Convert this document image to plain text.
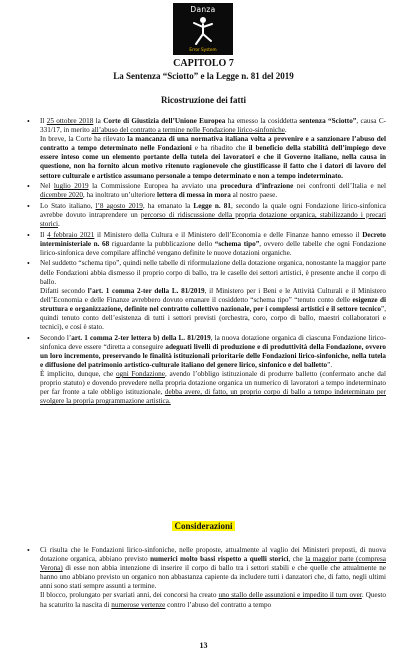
Danza
Error System
CAPITOLO 7
La Sentenza “Sciotto” e la Legge n. 81 del 2019
Ricostruzione dei fatti
• Il 25 ottobre 2018 la Corte di Giustizia dell’Unione Europea ha emesso la cosiddetta sentenza “Sciotto”, causa C-331/17, in merito all’abuso del contratto a termine nelle Fondazione lirico-sinfoniche.

In breve, la Corte ha rilevato la mancanza di una normativa italiana volta a prevenire e a sanzionare l’abuso del contratto a tempo determinato nelle Fondazioni e ha ribadito che il beneficio della stabilità dell’impiego deve essere inteso come un elemento portante della tutela dei lavoratori e che il Governo italiano, nella causa in questione, non ha fornito alcun motivo ritenuto ragionevole che giustificasse il fatto che i datori di lavoro del settore culturale e artistico assumano personale a tempo determinato e non a tempo indeterminato.

• Nel luglio 2019 la Commissione Europea ha avviato una procedura d’infrazione nei confronti dell’Italia e nel dicembre 2020, ha inoltrato un’ulteriore lettera di messa in mora al nostro paese.

• Lo Stato italiano, l’8 agosto 2019, ha emanato la Legge n. 81, secondo la quale ogni Fondazione lirico-sinfonica avrebbe dovuto intraprendere un percorso di ridiscussione della propria dotazione organica, stabilizzando i precari storici.

• Il 4 febbraio 2021 il Ministero della Cultura e il Ministero dell’Economia e delle Finanze hanno emesso il Decreto interministeriale n. 68 riguardante la pubblicazione dello “schema tipo”, ovvero delle tabelle che ogni Fondazione lirico-sinfonica deve compilare affinché vengano definite le nuove dotazioni organiche.

• Nel suddetto “schema tipo”, quindi nelle tabelle di riformulazione della dotazione organica, nonostante la maggior parte delle Fondazioni abbia dismesso il proprio corpo di ballo, tra le caselle dei settori artistici, è presente anche il corpo di ballo.

Difatti secondo l’art. 1 comma 2-ter della L. 81/2019, il Ministero per i Beni e le Attività Culturali e il Ministero dell’Economia e delle Finanze avrebbero dovuto emanare il cosiddetto “schema tipo” “tenuto conto delle esigenze di struttura e organizzazione, definite nel contratto collettivo nazionale, per i complessi artistici e il settore tecnico”, quindi tenuto conto dell’esistenza di tutti i settori previsti (orchestra, coro, corpo di ballo, maestri collaboratori e tecnici), e così è stato.

• Secondo l’art. 1 comma 2-ter lettera b) della L. 81/2019, la nuova dotazione organica di ciascuna Fondazione lirico-sinfonica deve essere “diretta a conseguire adeguati livelli di produzione e di produttività della Fondazione, ovvero un loro incremento, preservando le finalità istituzionali prioritarie delle Fondazioni lirico-sinfoniche, nella tutela e diffusione del patrimonio artistico-culturale italiano del genere lirico, sinfonico e del balletto”.

È implicito, dunque, che ogni Fondazione, avendo l’obbligo istituzionale di produrre balletto (confermato anche dal proprio statuto) e dovendo prevedere nella propria dotazione organica un numerico di lavoratori a tempo indeterminato per far fronte a tale obbligo istituzionale, debba avere, di fatto, un proprio corpo di ballo a tempo indeterminato per svolgere la propria programmazione artistica.

Considerazioni
• Ci risulta che le Fondazioni lirico-sinfoniche, nelle proposte, attualmente al vaglio dei Ministeri preposti, di nuova dotazione organica, abbiano previsto numerici molto bassi rispetto a quelli storici, che la maggior parte (compresa Verona) di esse non abbia intenzione di inserire il corpo di ballo tra i settori stabili e che quelle che attualmente ne hanno uno abbiano previsto un organico non abbastanza capiente da includere tutti i danzatori che, di fatto, negli ultimi anni sono stati sempre assunti a termine.

Il blocco, prolungato per svariati anni, dei concorsi ha creato uno stallo delle assunzioni e impedito il turn over. Questo ha scaturito la nascita di numerose vertenze contro l’abuso del contratto a tempo

13
